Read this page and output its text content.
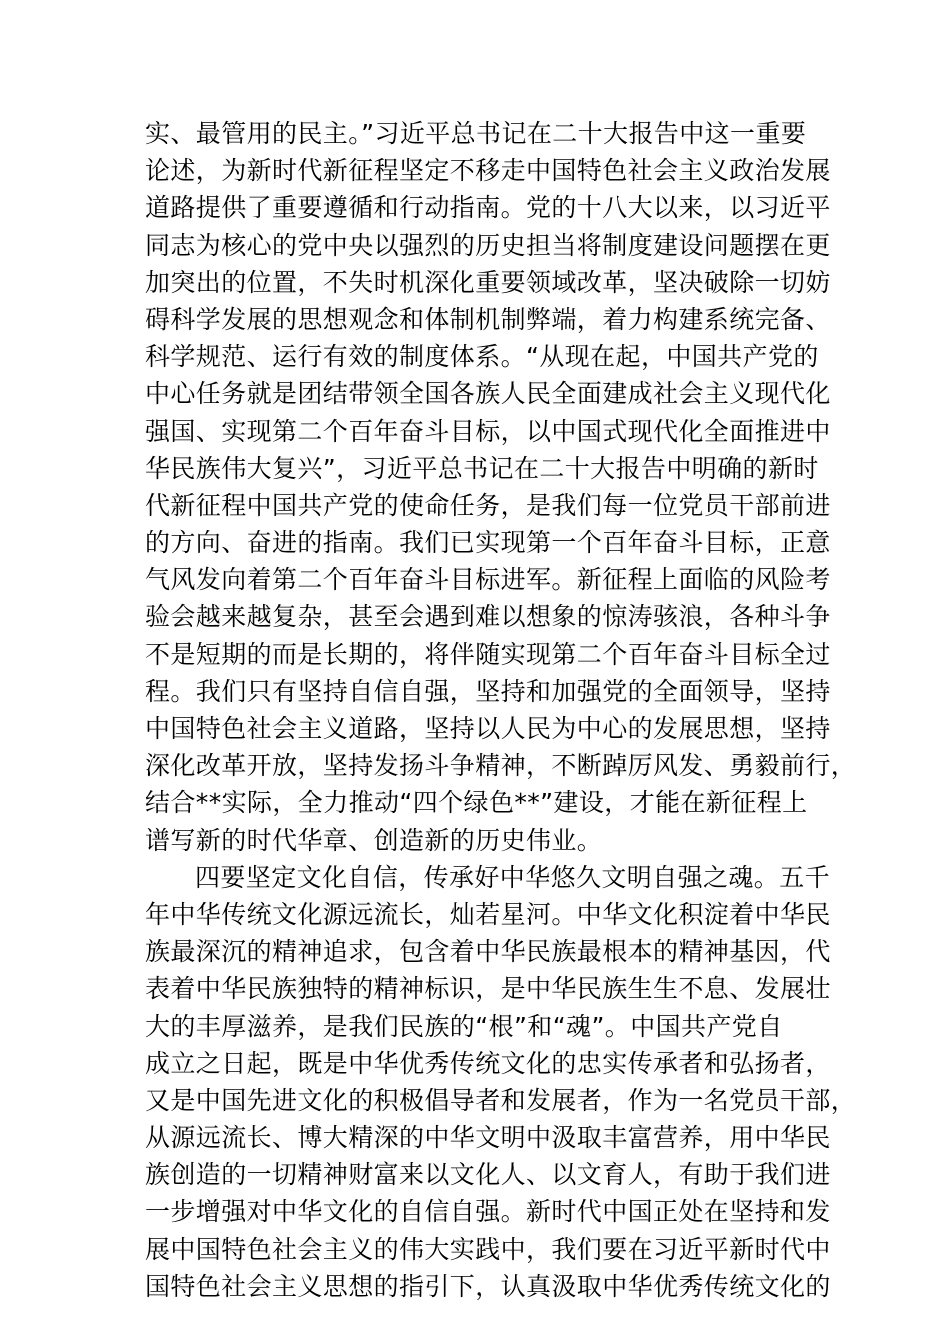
实、最管用的民主。”习近平总书记在二十大报告中这一重要
论述，为新时代新征程坚定不移走中国特色社会主义政治发展
道路提供了重要遵循和行动指南。党的十八大以来，以习近平
同志为核心的党中央以强烈的历史担当将制度建设问题摆在更
加突出的位置，不失时机深化重要领域改革，坚决破除一切妨
碍科学发展的思想观念和体制机制弊端，着力构建系统完备、
科学规范、运行有效的制度体系。“从现在起，中国共产党的
中心任务就是团结带领全国各族人民全面建成社会主义现代化
强国、实现第二个百年奋斗目标，以中国式现代化全面推进中
华民族伟大复兴”，习近平总书记在二十大报告中明确的新时
代新征程中国共产党的使命任务，是我们每一位党员干部前进
的方向、奋进的指南。我们已实现第一个百年奋斗目标，正意
气风发向着第二个百年奋斗目标进军。新征程上面临的风险考
验会越来越复杂，甚至会遇到难以想象的惊涛骇浪，各种斗争
不是短期的而是长期的，将伴随实现第二个百年奋斗目标全过
程。我们只有坚持自信自强，坚持和加强党的全面领导，坚持
中国特色社会主义道路，坚持以人民为中心的发展思想，坚持
深化改革开放，坚持发扬斗争精神，不断踔厉风发、勇毅前行，
结合**实际，全力推动“四个绿色**”建设，才能在新征程上
谱写新的时代华章、创造新的历史伟业。
四要坚定文化自信，传承好中华悠久文明自强之魂。五千
年中华传统文化源远流长，灿若星河。中华文化积淀着中华民
族最深沉的精神追求，包含着中华民族最根本的精神基因，代
表着中华民族独特的精神标识，是中华民族生生不息、发展壮
大的丰厚滋养，是我们民族的“根”和“魂”。中国共产党自
成立之日起，既是中华优秀传统文化的忠实传承者和弘扬者，
又是中国先进文化的积极倡导者和发展者，作为一名党员干部，
从源远流长、博大精深的中华文明中汲取丰富营养，用中华民
族创造的一切精神财富来以文化人、以文育人，有助于我们进
一步增强对中华文化的自信自强。新时代中国正处在坚持和发
展中国特色社会主义的伟大实践中，我们要在习近平新时代中
国特色社会主义思想的指引下，认真汲取中华优秀传统文化的
